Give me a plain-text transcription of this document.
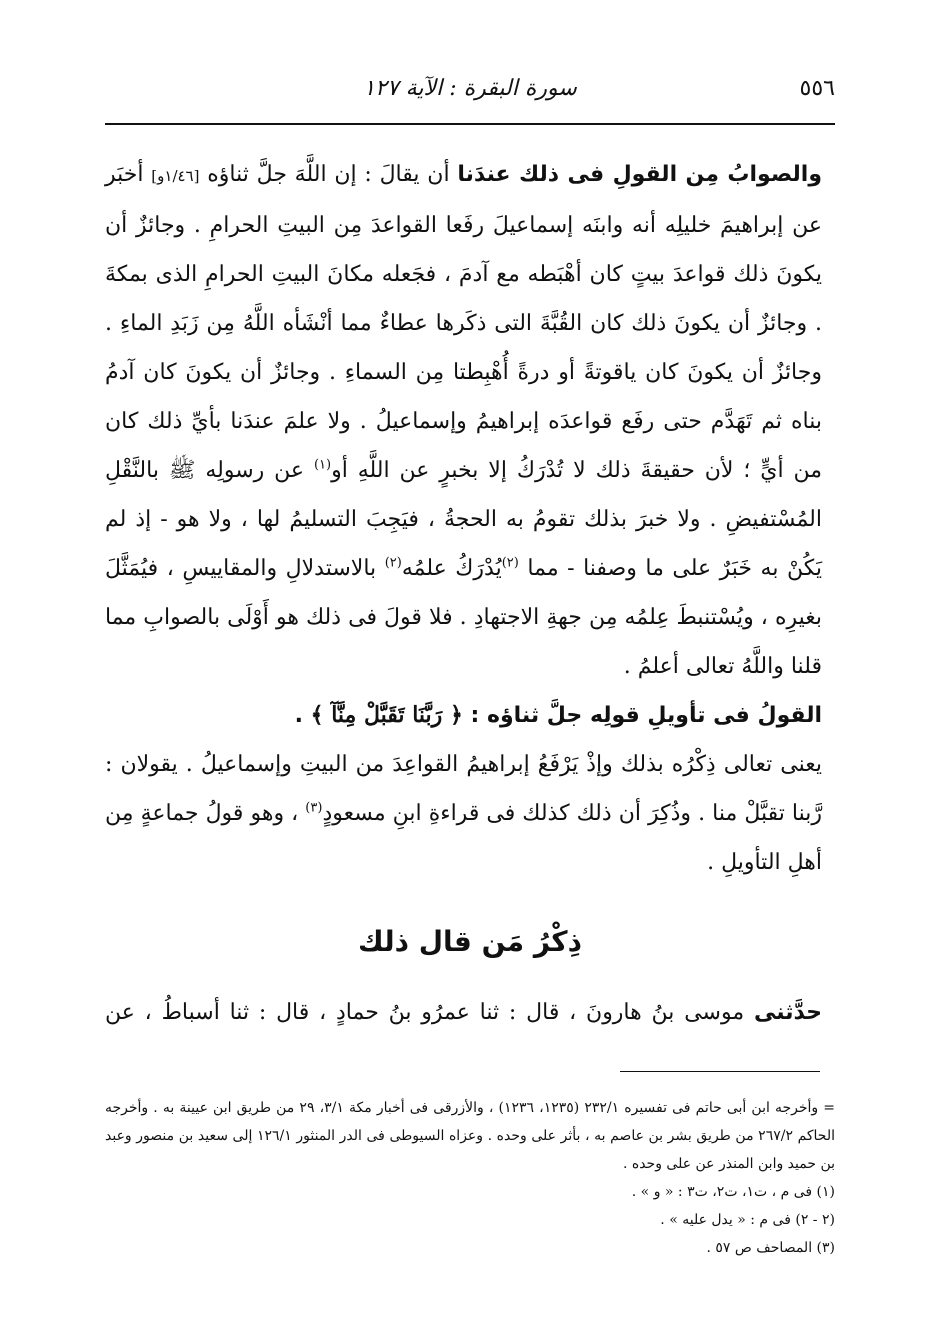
٥٥٦
سورة البقرة : الآية ١٢٧

والصوابُ مِن القولِ فى ذلك عندَنا أن يقالَ : إن اللَّهَ جلَّ ثناؤه [١/٤٦و] أخبَر عن إبراهيمَ خليلِه أنه وابنَه إسماعيلَ رفَعا القواعدَ مِن البيتِ الحرامِ . وجائزٌ أن يكونَ ذلك قواعدَ بيتٍ كان أهْبَطه مع آدمَ ، فجَعله مكانَ البيتِ الحرامِ الذى بمكةَ . وجائزٌ أن يكونَ ذلك كان القُبَّةَ التى ذكَرها عطاءٌ مما أنْشَأه اللَّهُ مِن زَبَدِ الماءِ . وجائزٌ أن يكونَ كان ياقوتةً أو درةً أُهْبِطتا مِن السماءِ . وجائزٌ أن يكونَ كان آدمُ بناه ثم تَهَدَّم حتى رفَع قواعدَه إبراهيمُ وإسماعيلُ . ولا علمَ عندَنا بأيِّ ذلك كان من أيٍّ ؛ لأن حقيقةَ ذلك لا تُدْرَكُ إلا بخبرٍ عن اللَّهِ أو$^{(١)}$ عن رسولِه ﷺ بالنَّقْلِ المُسْتفيضِ . ولا خبرَ بذلك تقومُ به الحجةُ ، فيَجِبَ التسليمُ لها ، ولا هو - إذ لم يَكُنْ به خَبَرٌ على ما وصفنا - مما $^{(٢)}$يُدْرَكُ علمُه$^{(٢)}$ بالاستدلالِ والمقاييسِ ، فيُمَثَّلَ بغيرِه ، ويُسْتنبطَ عِلمُه مِن جهةِ الاجتهادِ . فلا قولَ فى ذلك هو أَوْلَى بالصوابِ مما قلنا واللَّهُ تعالى أعلمُ .

القولُ فى تأويلِ قولِه جلَّ ثناؤه : ﴿ رَبَّنَا تَقَبَّلْ مِنَّآ ﴾ .

يعنى تعالى ذِكْرُه بذلك وإذْ يَرْفَعُ إبراهيمُ القواعِدَ من البيتِ وإسماعيلُ . يقولان : رَّبنا تقبَّلْ منا . وذُكِرَ أن ذلك كذلك فى قراءةِ ابنِ مسعودٍ$^{(٣)}$ ، وهو قولُ جماعةٍ مِن أهلِ التأويلِ .

ذِكْرُ مَن قال ذلك
حدَّثنى موسى بنُ هارونَ ، قال : ثنا عمرُو بنُ حمادٍ ، قال : ثنا أسباطُ ، عن

= وأخرجه ابن أبى حاتم فى تفسيره ٢٣٢/١ (١٢٣٥، ١٢٣٦) ، والأزرقى فى أخبار مكة ٣/١، ٢٩ من طريق ابن عيينة به . وأخرجه الحاكم ٢٦٧/٢ من طريق بشر بن عاصم به ، بأثر على وحده . وعزاه السيوطى فى الدر المنثور ١٢٦/١ إلى سعيد بن منصور وعبد بن حميد وابن المنذر عن على وحده .

(١) فى م ، ت١، ت٢، ت٣ : « و » .

(٢ - ٢) فى م : « يدل عليه » .

(٣) المصاحف ص ٥٧ .
